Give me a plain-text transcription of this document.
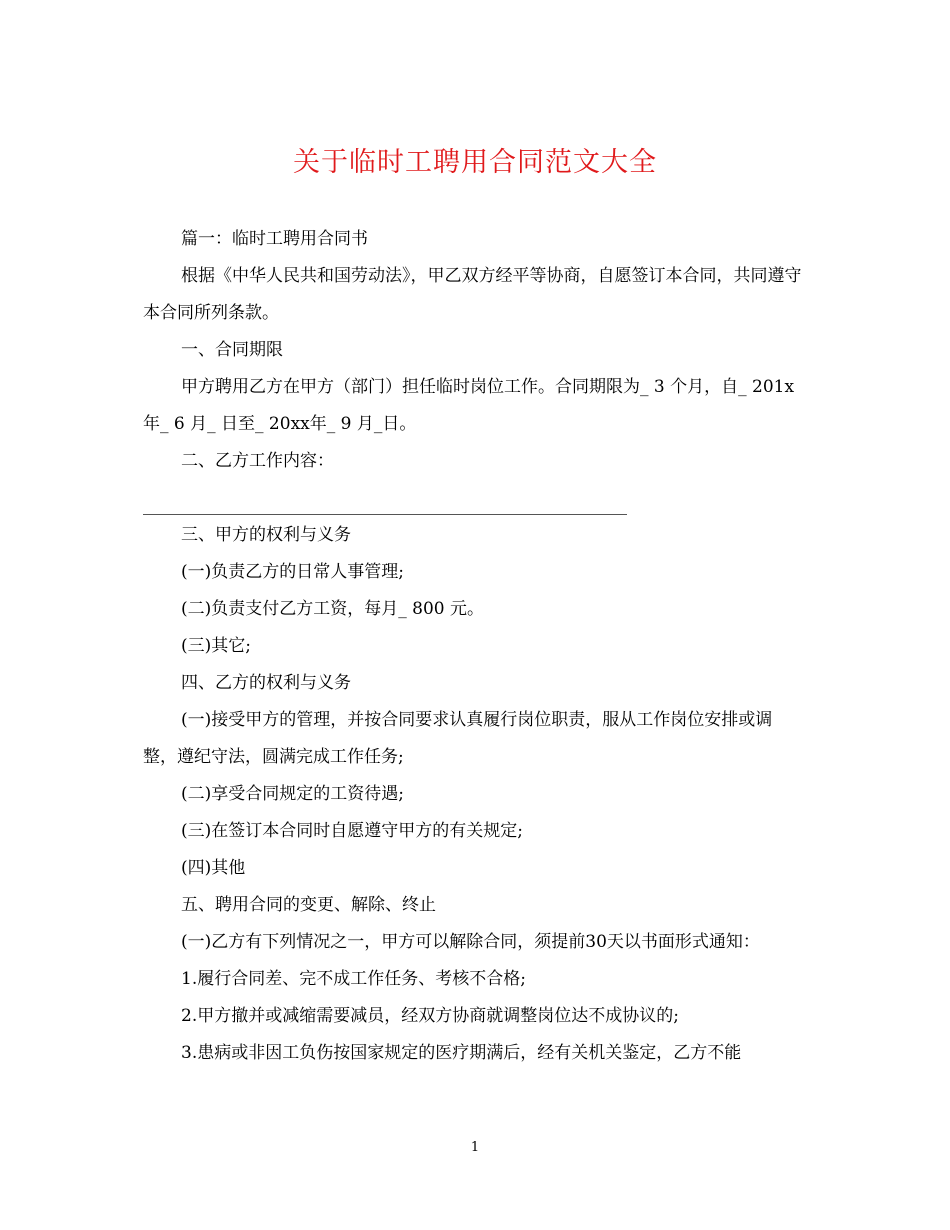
关于临时工聘用合同范文大全

篇一：临时工聘用合同书

根据《中华人民共和国劳动法》，甲乙双方经平等协商，自愿签订本合同，共同遵守本合同所列条款。

一、合同期限

甲方聘用乙方在甲方（部门）担任临时岗位工作。合同期限为_ 3 个月，自_ 201x 年_ 6 月_ 日至_ 20xx年_ 9 月_日。

二、乙方工作内容：

三、甲方的权利与义务

(一)负责乙方的日常人事管理;

(二)负责支付乙方工资，每月_ 800 元。

(三)其它;

四、乙方的权利与义务

(一)接受甲方的管理，并按合同要求认真履行岗位职责，服从工作岗位安排或调整，遵纪守法，圆满完成工作任务;

(二)享受合同规定的工资待遇;

(三)在签订本合同时自愿遵守甲方的有关规定;

(四)其他

五、聘用合同的变更、解除、终止

(一)乙方有下列情况之一，甲方可以解除合同，须提前30天以书面形式通知：

1.履行合同差、完不成工作任务、考核不合格;

2.甲方撤并或减缩需要减员，经双方协商就调整岗位达不成协议的;

3.患病或非因工负伤按国家规定的医疗期满后，经有关机关鉴定，乙方不能

1
